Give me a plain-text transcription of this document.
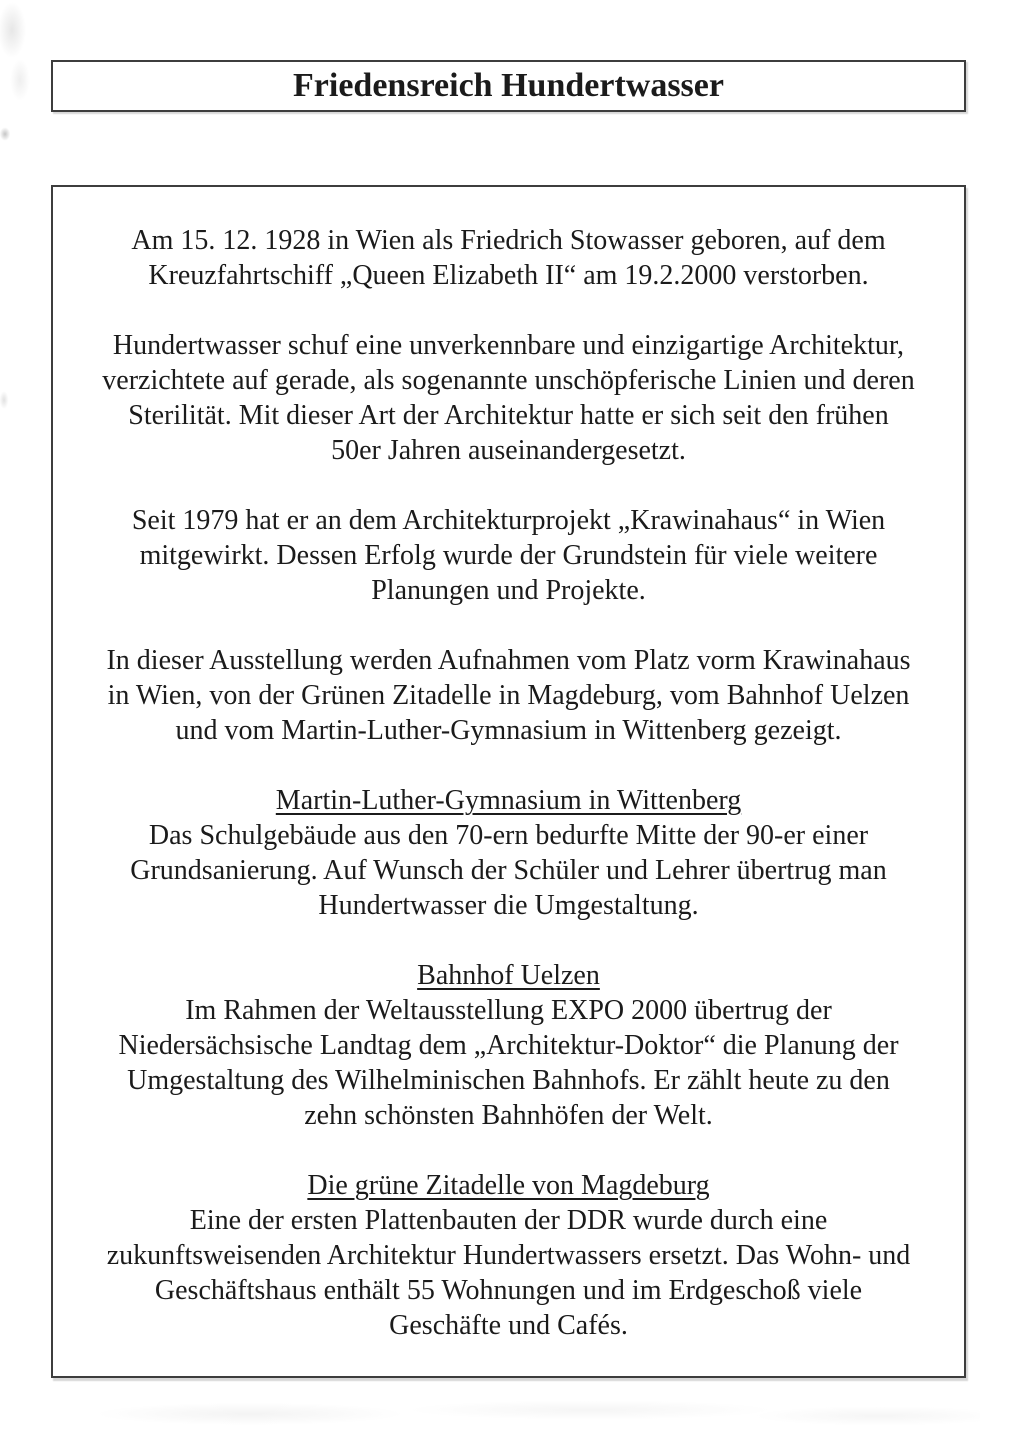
Friedensreich Hundertwasser

Am 15. 12. 1928 in Wien als Friedrich Stowasser geboren, auf dem
Kreuzfahrtschiff „Queen Elizabeth II“ am 19.2.2000 verstorben.

Hundertwasser schuf eine unverkennbare und einzigartige Architektur,
verzichtete auf gerade, als sogenannte unschöpferische Linien und deren
Sterilität. Mit dieser Art der Architektur hatte er sich seit den frühen
50er Jahren auseinandergesetzt.

Seit 1979 hat er an dem Architekturprojekt „Krawinahaus“ in Wien
mitgewirkt. Dessen Erfolg wurde der Grundstein für viele weitere
Planungen und Projekte.

In dieser Ausstellung werden Aufnahmen vom Platz vorm Krawinahaus
in Wien, von der Grünen Zitadelle in Magdeburg, vom Bahnhof Uelzen
und vom Martin-Luther-Gymnasium in Wittenberg gezeigt.

Martin-Luther-Gymnasium in Wittenberg
Das Schulgebäude aus den 70-ern bedurfte Mitte der 90-er einer
Grundsanierung. Auf Wunsch der Schüler und Lehrer übertrug man
Hundertwasser die Umgestaltung.

Bahnhof Uelzen
Im Rahmen der Weltausstellung EXPO 2000 übertrug der
Niedersächsische Landtag dem „Architektur-Doktor“ die Planung der
Umgestaltung des Wilhelminischen Bahnhofs. Er zählt heute zu den
zehn schönsten Bahnhöfen der Welt.

Die grüne Zitadelle von Magdeburg
Eine der ersten Plattenbauten der DDR wurde durch eine
zukunftsweisenden Architektur Hundertwassers ersetzt. Das Wohn- und
Geschäftshaus enthält 55 Wohnungen und im Erdgeschoß viele
Geschäfte und Cafés.
